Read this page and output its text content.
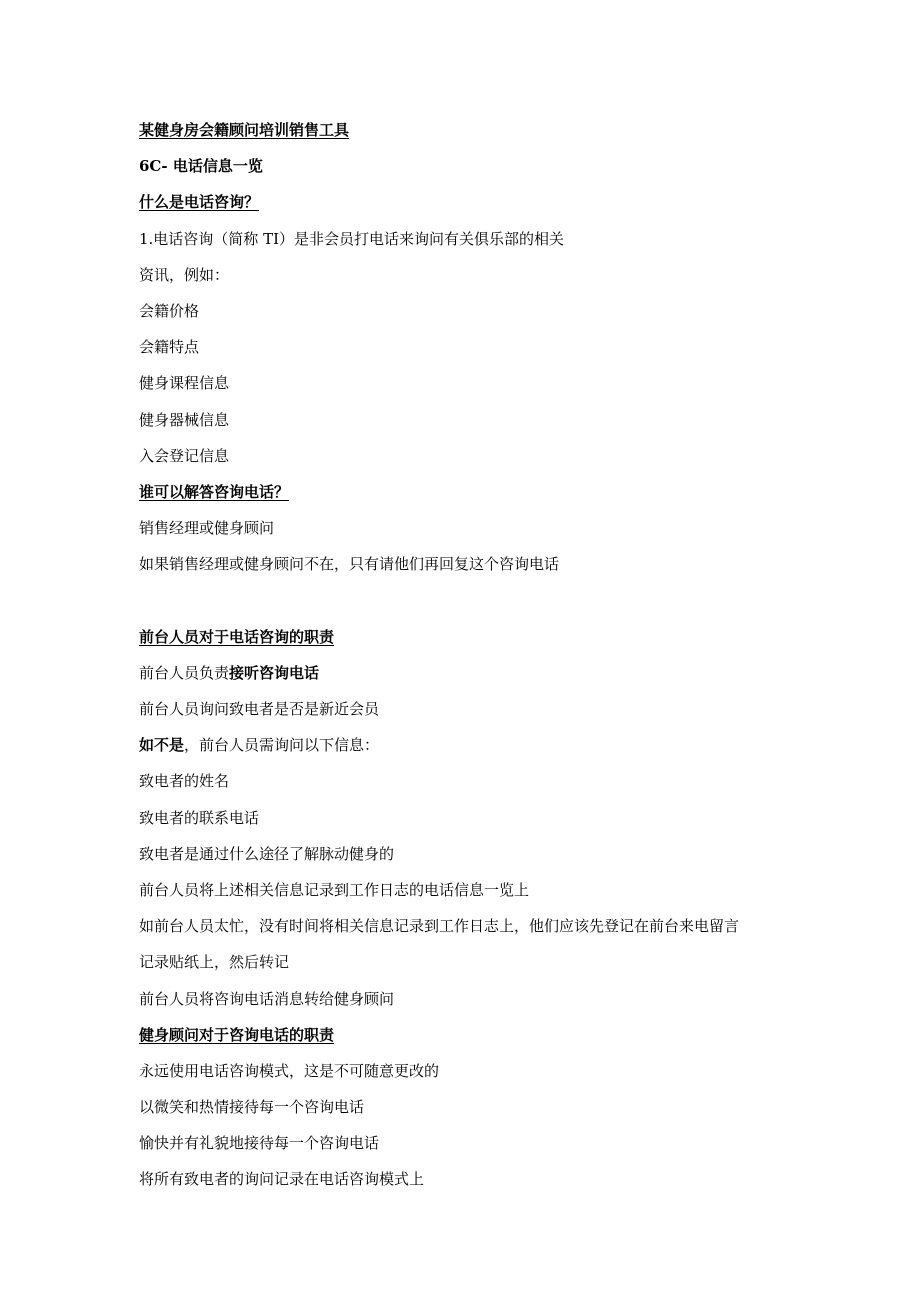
某健身房会籍顾问培训销售工具
6C- 电话信息一览
什么是电话咨询？
1.电话咨询（简称 TI）是非会员打电话来询问有关俱乐部的相关
资讯，例如：
会籍价格
会籍特点
健身课程信息
健身器械信息
入会登记信息
谁可以解答咨询电话？
销售经理或健身顾问
如果销售经理或健身顾问不在，只有请他们再回复这个咨询电话
前台人员对于电话咨询的职责
前台人员负责接听咨询电话
前台人员询问致电者是否是新近会员
如不是，前台人员需询问以下信息：
致电者的姓名
致电者的联系电话
致电者是通过什么途径了解脉动健身的
前台人员将上述相关信息记录到工作日志的电话信息一览上
如前台人员太忙，没有时间将相关信息记录到工作日志上，他们应该先登记在前台来电留言
记录贴纸上，然后转记
前台人员将咨询电话消息转给健身顾问
健身顾问对于咨询电话的职责
永远使用电话咨询模式，这是不可随意更改的
以微笑和热情接待每一个咨询电话
愉快并有礼貌地接待每一个咨询电话
将所有致电者的询问记录在电话咨询模式上
